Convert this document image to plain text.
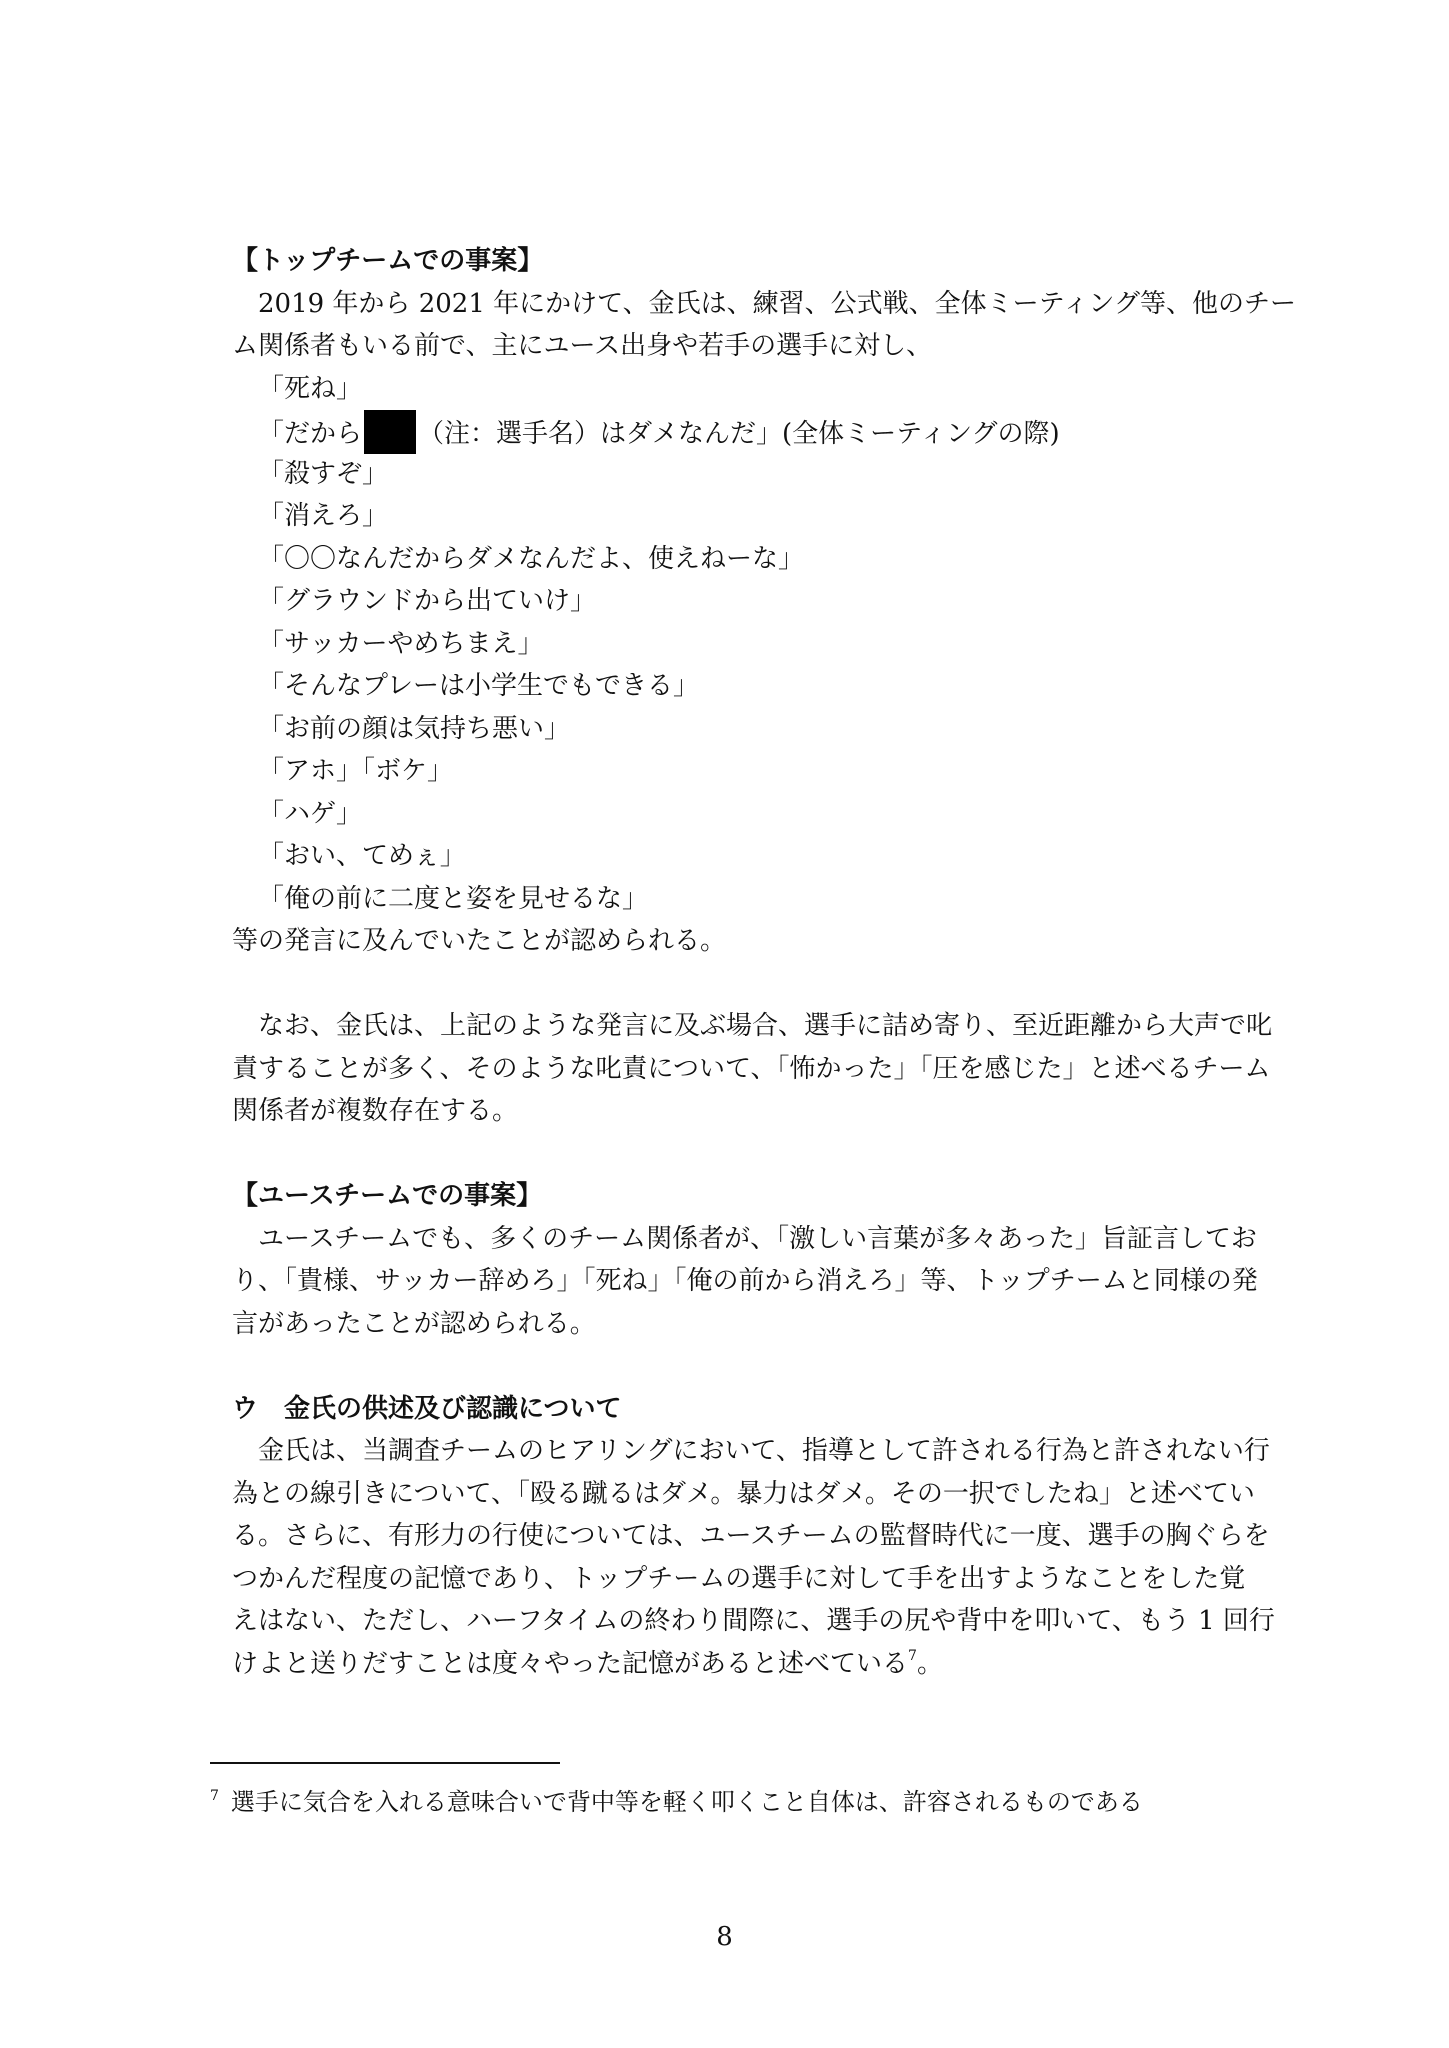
【トップチームでの事案】
2019 年から 2021 年にかけて、金氏は、練習、公式戦、全体ミーティング等、他のチー
ム関係者もいる前で、主にユース出身や若手の選手に対し、
「死ね」
「だから （注：選手名）はダメなんだ」(全体ミーティングの際)
「殺すぞ」
「消えろ」
「〇〇なんだからダメなんだよ、使えねーな」
「グラウンドから出ていけ」
「サッカーやめちまえ」
「そんなプレーは小学生でもできる」
「お前の顔は気持ち悪い」
「アホ」「ボケ」
「ハゲ」
「おい、てめぇ」
「俺の前に二度と姿を見せるな」
等の発言に及んでいたことが認められる。
なお、金氏は、上記のような発言に及ぶ場合、選手に詰め寄り、至近距離から大声で叱
責することが多く、そのような叱責について、「怖かった」「圧を感じた」と述べるチーム
関係者が複数存在する。
【ユースチームでの事案】
ユースチームでも、多くのチーム関係者が、「激しい言葉が多々あった」旨証言してお
り、「貴様、サッカー辞めろ」「死ね」「俺の前から消えろ」等、トップチームと同様の発
言があったことが認められる。
ウ　金氏の供述及び認識について
金氏は、当調査チームのヒアリングにおいて、指導として許される行為と許されない行
為との線引きについて、「殴る蹴るはダメ。暴力はダメ。その一択でしたね」と述べてい
る。さらに、有形力の行使については、ユースチームの監督時代に一度、選手の胸ぐらを
つかんだ程度の記憶であり、トップチームの選手に対して手を出すようなことをした覚
えはない、ただし、ハーフタイムの終わり間際に、選手の尻や背中を叩いて、もう 1 回行
けよと送りだすことは度々やった記憶があると述べている$^7$。
$^7$ 選手に気合を入れる意味合いで背中等を軽く叩くこと自体は、許容されるものである
8
